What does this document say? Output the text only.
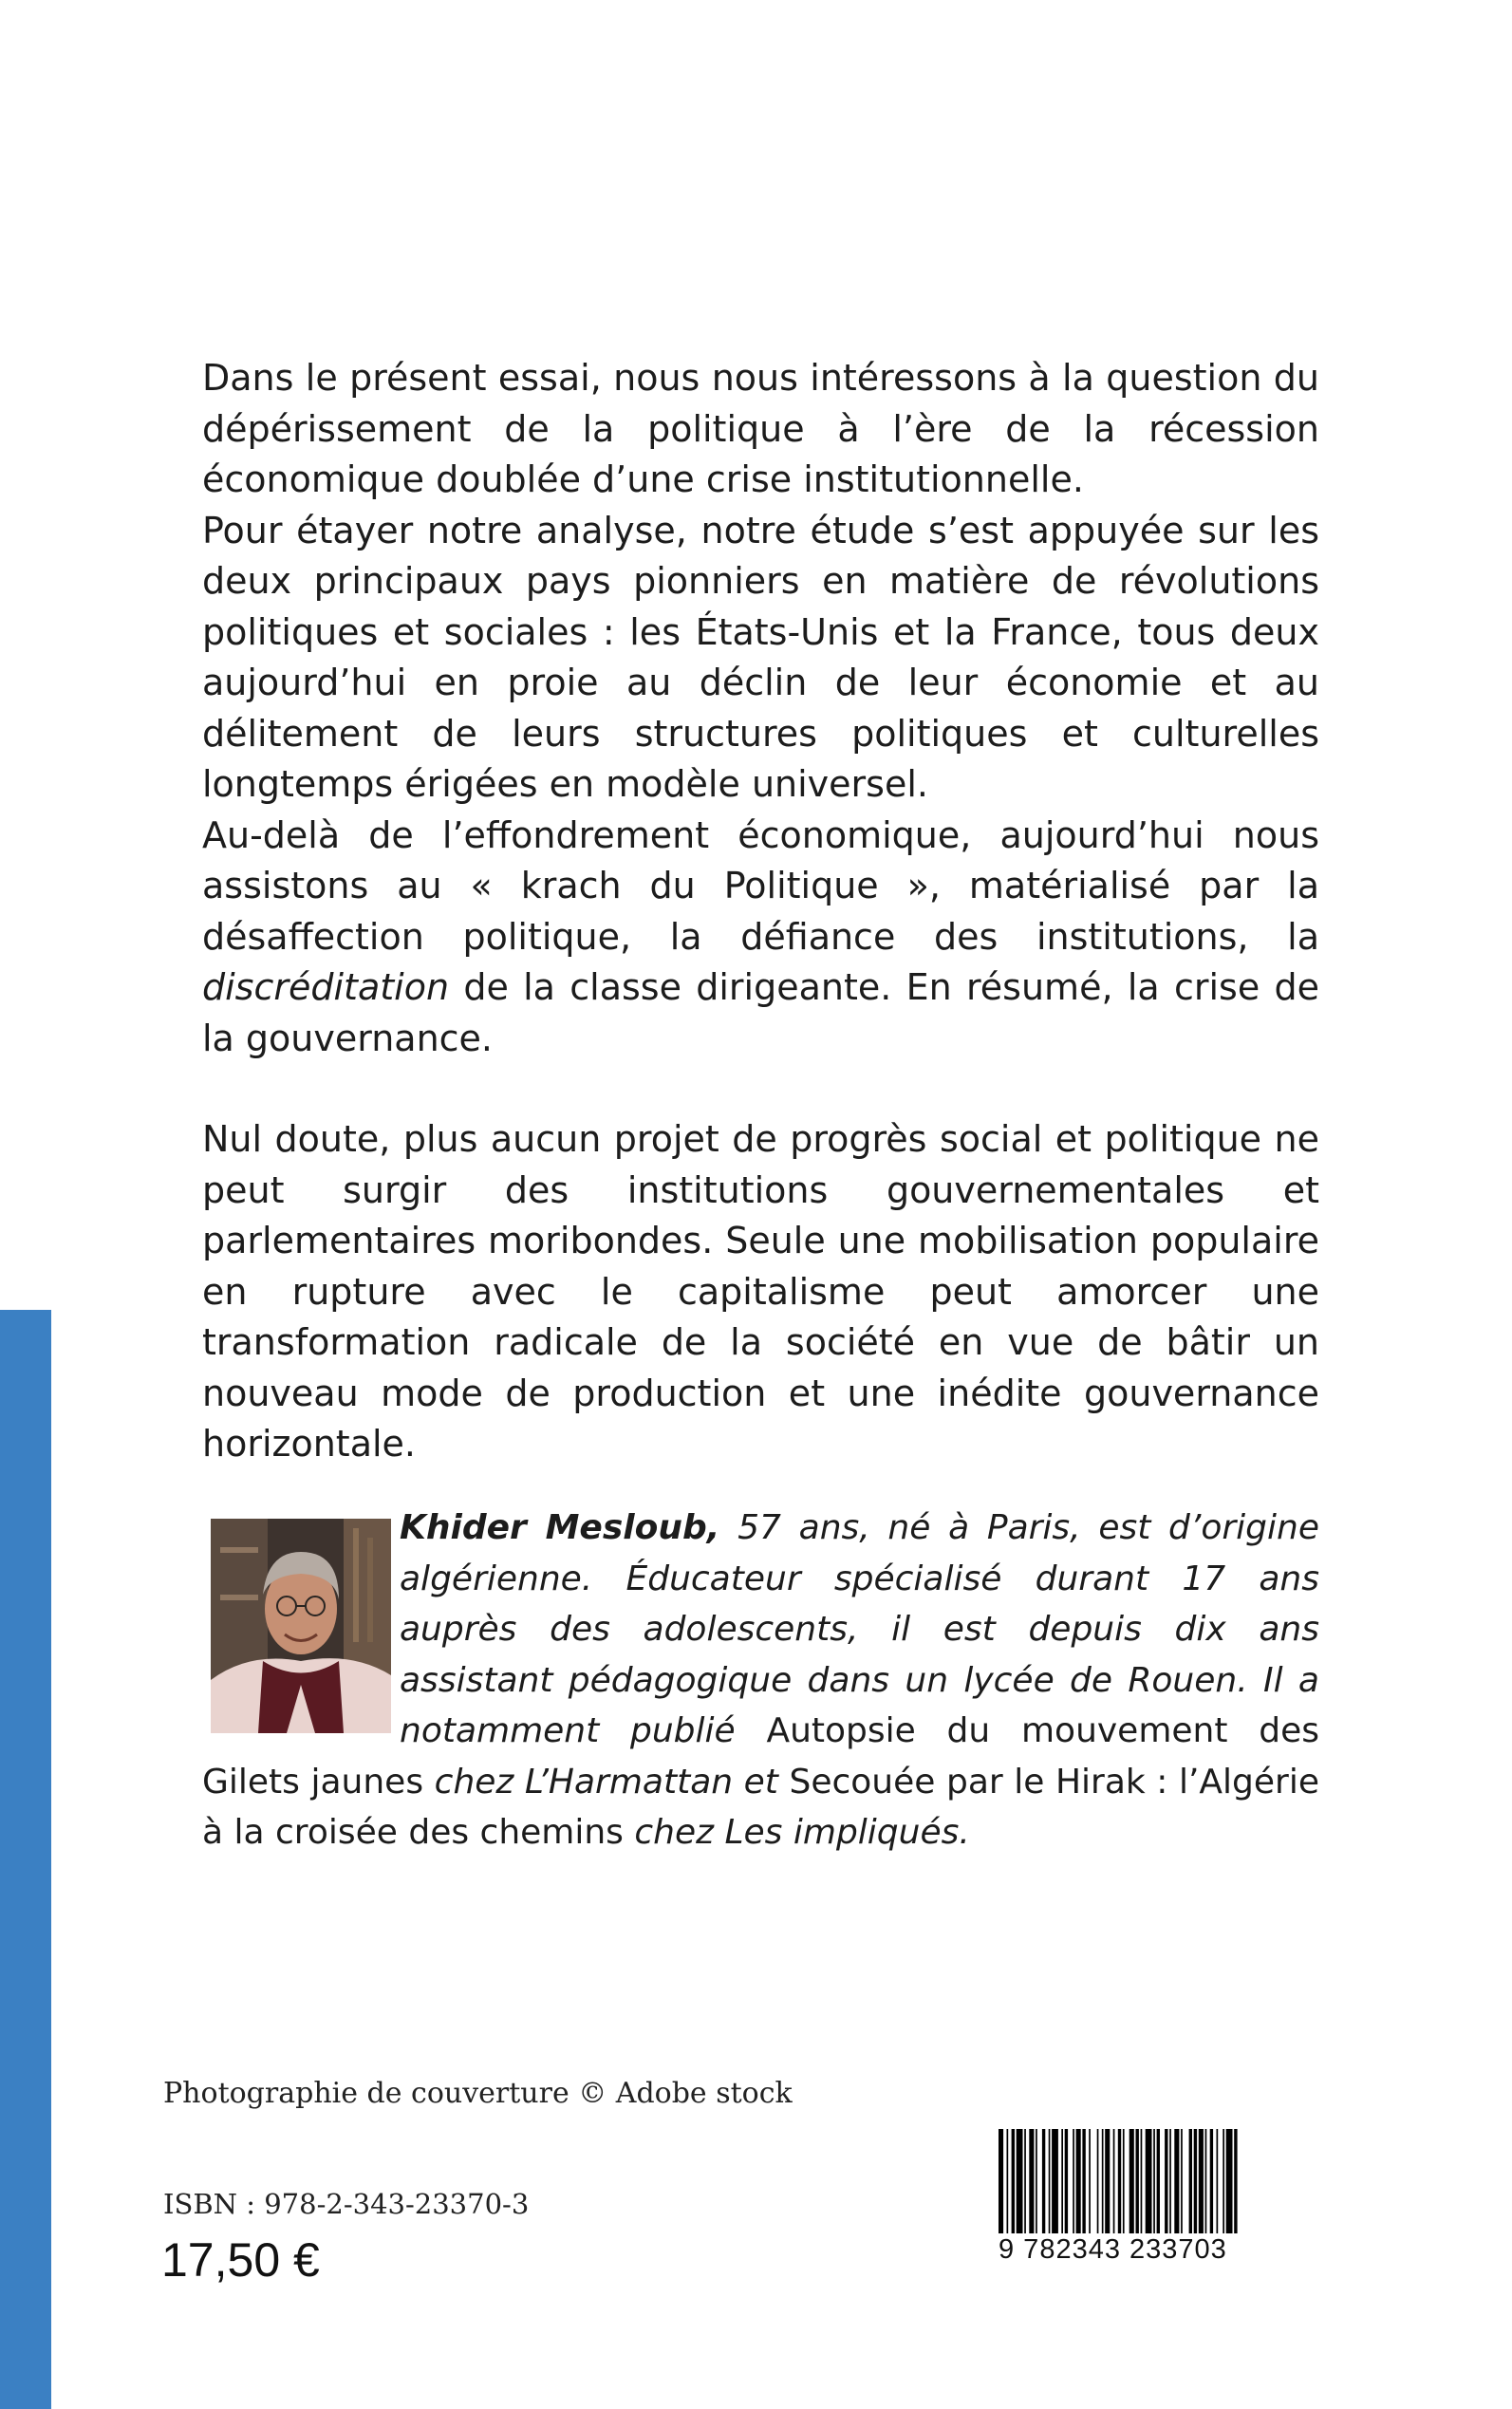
Dans le présent essai, nous nous intéressons à la question du dépérissement de la politique à l’ère de la récession économique doublée d’une crise institutionnelle.

Pour étayer notre analyse, notre étude s’est appuyée sur les deux principaux pays pionniers en matière de révolutions politiques et sociales : les États-Unis et la France, tous deux aujourd’hui en proie au déclin de leur économie et au délitement de leurs structures politiques et culturelles longtemps érigées en modèle universel.

Au-delà de l’effondrement économique, aujourd’hui nous assistons au « krach du Politique », matérialisé par la désaffection politique, la défiance des institutions, la discréditation de la classe dirigeante. En résumé, la crise de la gouvernance.

Nul doute, plus aucun projet de progrès social et politique ne peut surgir des institutions gouvernementales et parlementaires moribondes. Seule une mobilisation populaire en rupture avec le capitalisme peut amorcer une transformation radicale de la société en vue de bâtir un nouveau mode de production et une inédite gouvernance horizontale.

Khider Mesloub, 57 ans, né à Paris, est d’origine algérienne. Éducateur spécialisé durant 17 ans auprès des adolescents, il est depuis dix ans assistant pédagogique dans un lycée de Rouen. Il a notamment publié Autopsie du mouvement des Gilets jaunes chez L’Harmattan et Secouée par le Hirak : l’Algérie à la croisée des chemins chez Les impliqués.
Photographie de couverture © Adobe stock
ISBN : 978-2-343-23370-3
17,50 €	9 782343 233703
